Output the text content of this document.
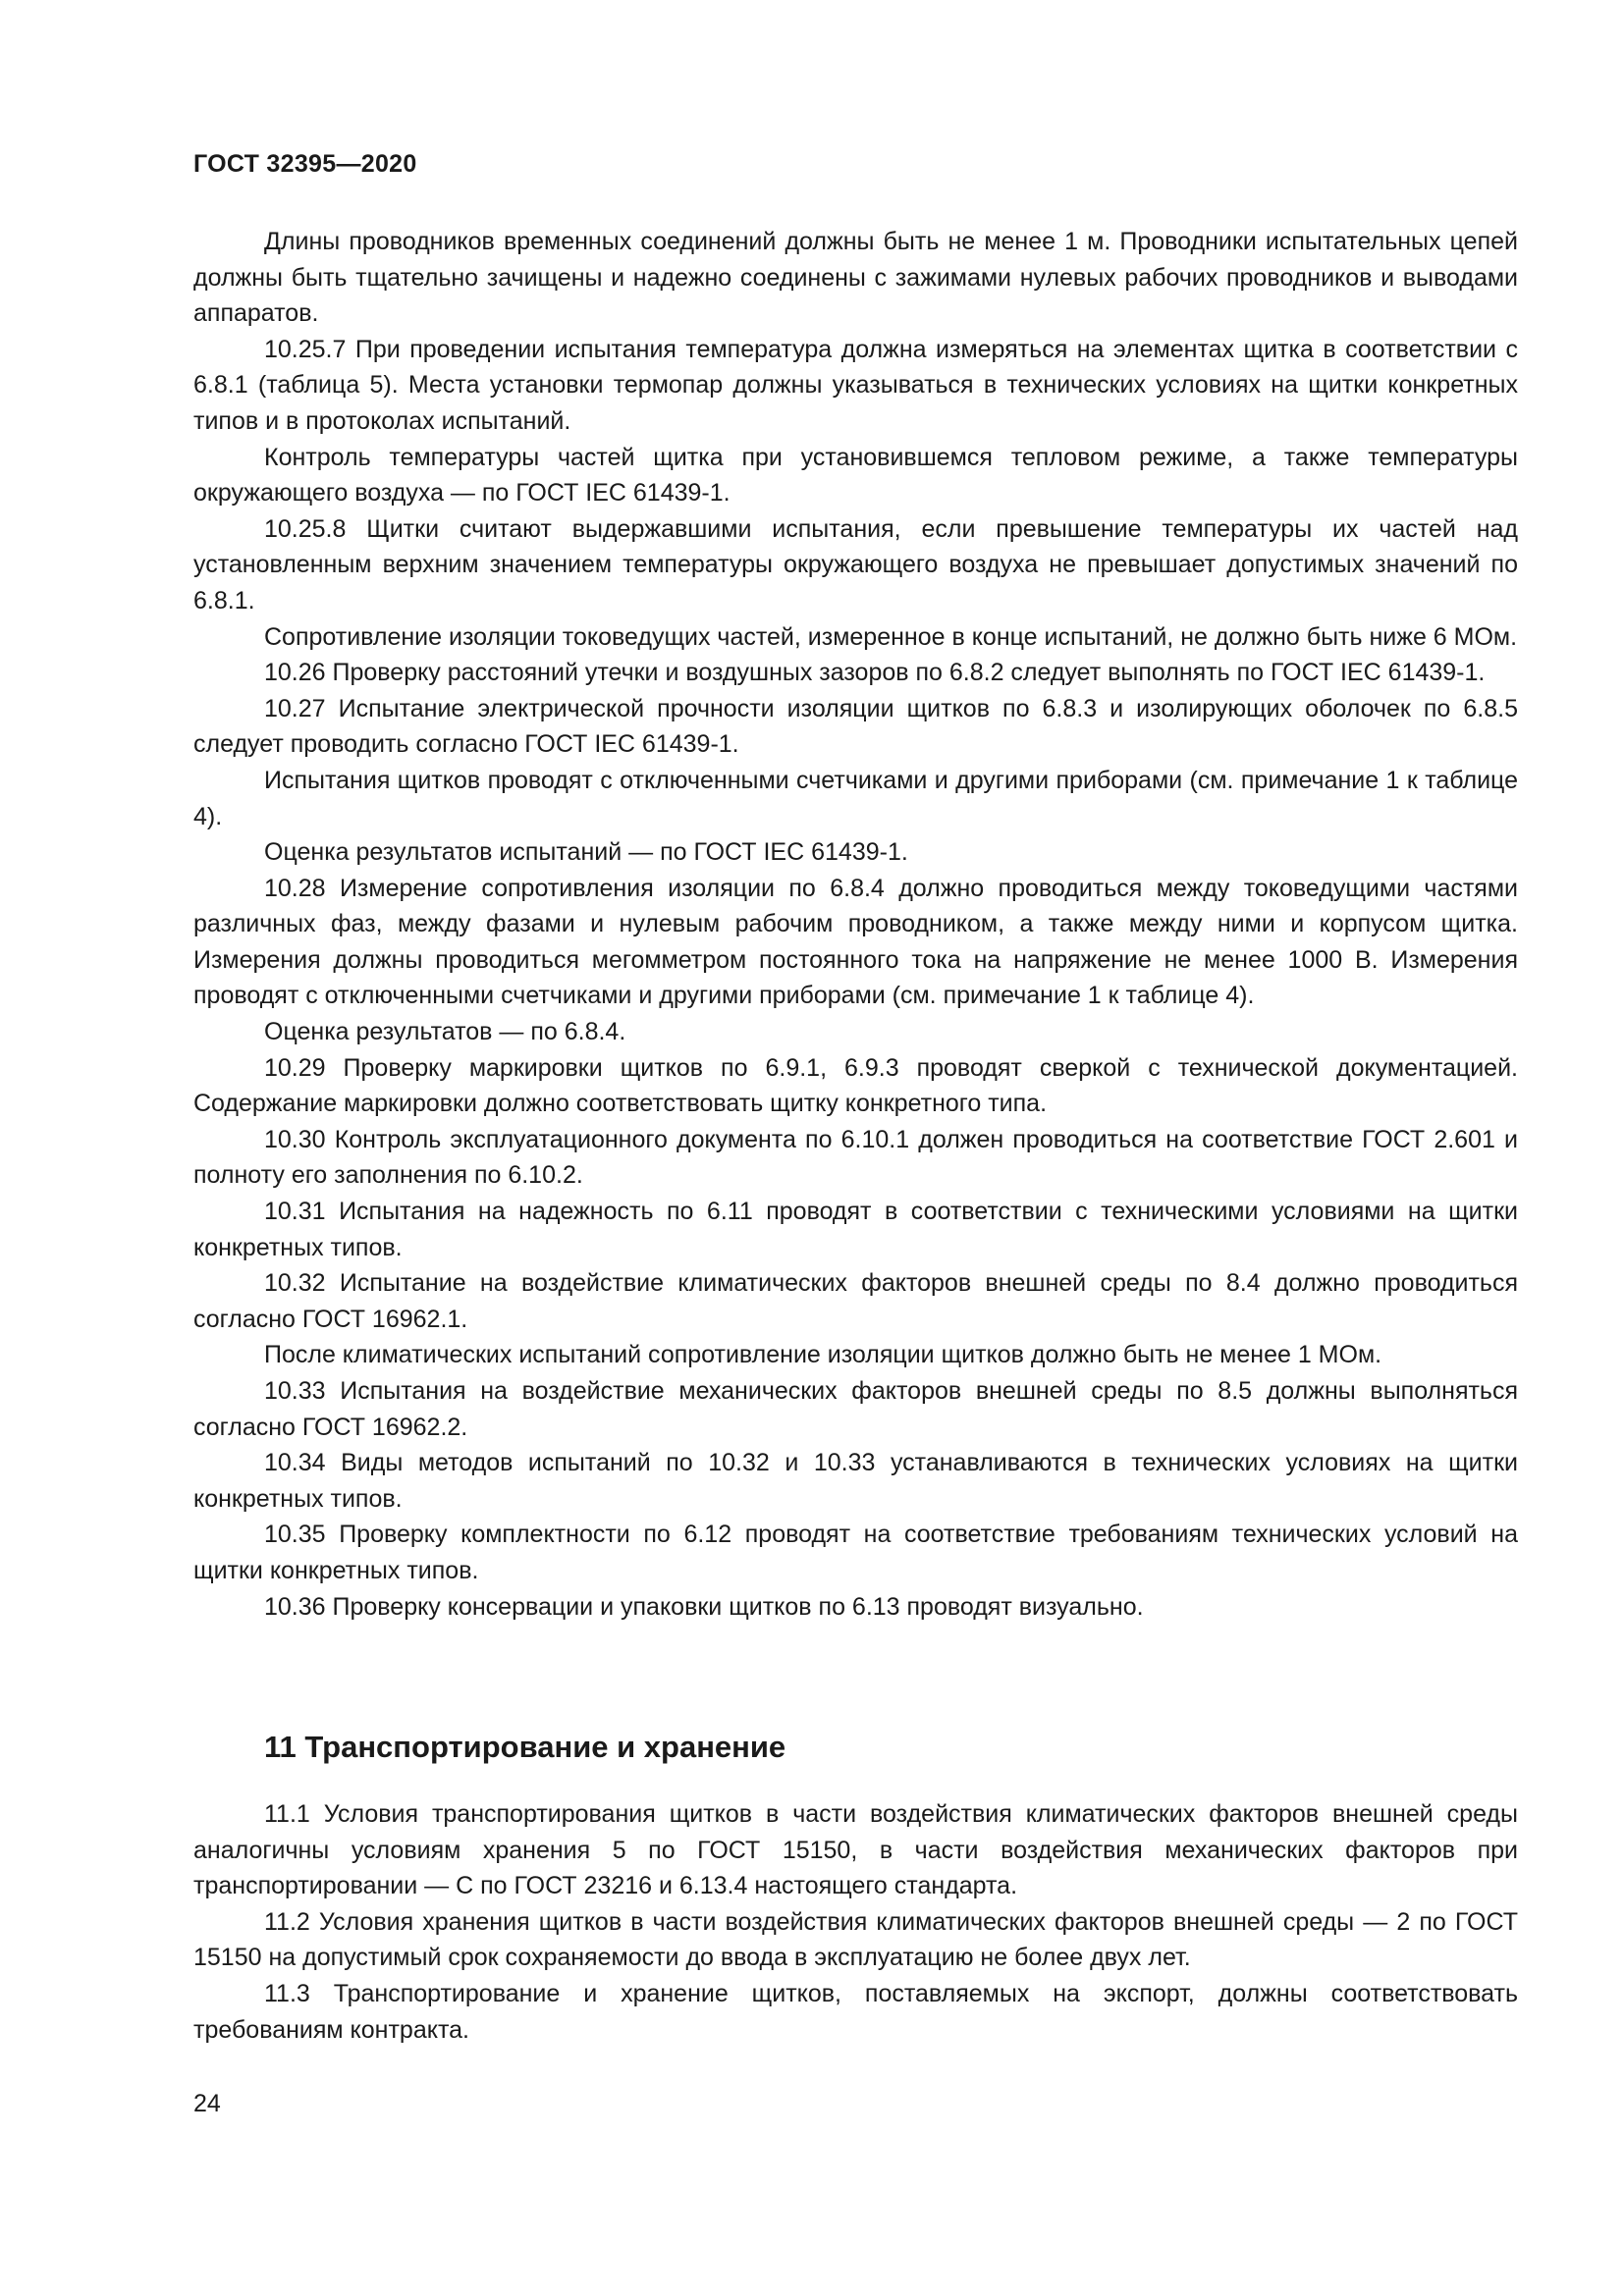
ГОСТ 32395—2020

Длины проводников временных соединений должны быть не менее 1 м. Проводники испытательных цепей должны быть тщательно зачищены и надежно соединены с зажимами нулевых рабочих проводников и выводами аппаратов.

10.25.7 При проведении испытания температура должна измеряться на элементах щитка в соответствии с 6.8.1 (таблица 5). Места установки термопар должны указываться в технических условиях на щитки конкретных типов и в протоколах испытаний.

Контроль температуры частей щитка при установившемся тепловом режиме, а также температуры окружающего воздуха — по ГОСТ IEC 61439-1.

10.25.8 Щитки считают выдержавшими испытания, если превышение температуры их частей над установленным верхним значением температуры окружающего воздуха не превышает допустимых значений по 6.8.1.

Сопротивление изоляции токоведущих частей, измеренное в конце испытаний, не должно быть ниже 6 МОм.

10.26 Проверку расстояний утечки и воздушных зазоров по 6.8.2 следует выполнять по ГОСТ IEC 61439-1.

10.27 Испытание электрической прочности изоляции щитков по 6.8.3 и изолирующих оболочек по 6.8.5 следует проводить согласно ГОСТ IEC 61439-1.

Испытания щитков проводят с отключенными счетчиками и другими приборами (см. примечание 1 к таблице 4).

Оценка результатов испытаний — по ГОСТ IEC 61439-1.

10.28 Измерение сопротивления изоляции по 6.8.4 должно проводиться между токоведущими частями различных фаз, между фазами и нулевым рабочим проводником, а также между ними и корпусом щитка. Измерения должны проводиться мегомметром постоянного тока на напряжение не менее 1000 В. Измерения проводят с отключенными счетчиками и другими приборами (см. примечание 1 к таблице 4).

Оценка результатов — по 6.8.4.

10.29 Проверку маркировки щитков по 6.9.1, 6.9.3 проводят сверкой с технической документацией. Содержание маркировки должно соответствовать щитку конкретного типа.

10.30 Контроль эксплуатационного документа по 6.10.1 должен проводиться на соответствие ГОСТ 2.601 и полноту его заполнения по 6.10.2.

10.31 Испытания на надежность по 6.11 проводят в соответствии с техническими условиями на щитки конкретных типов.

10.32 Испытание на воздействие климатических факторов внешней среды по 8.4 должно проводиться согласно ГОСТ 16962.1.

После климатических испытаний сопротивление изоляции щитков должно быть не менее 1 МОм.

10.33 Испытания на воздействие механических факторов внешней среды по 8.5 должны выполняться согласно ГОСТ 16962.2.

10.34 Виды методов испытаний по 10.32 и 10.33 устанавливаются в технических условиях на щитки конкретных типов.

10.35 Проверку комплектности по 6.12 проводят на соответствие требованиям технических условий на щитки конкретных типов.

10.36 Проверку консервации и упаковки щитков по 6.13 проводят визуально.

11 Транспортирование и хранение

11.1 Условия транспортирования щитков в части воздействия климатических факторов внешней среды аналогичны условиям хранения 5 по ГОСТ 15150, в части воздействия механических факторов при транспортировании — С по ГОСТ 23216 и 6.13.4 настоящего стандарта.

11.2 Условия хранения щитков в части воздействия климатических факторов внешней среды — 2 по ГОСТ 15150 на допустимый срок сохраняемости до ввода в эксплуатацию не более двух лет.

11.3 Транспортирование и хранение щитков, поставляемых на экспорт, должны соответствовать требованиям контракта.

24
